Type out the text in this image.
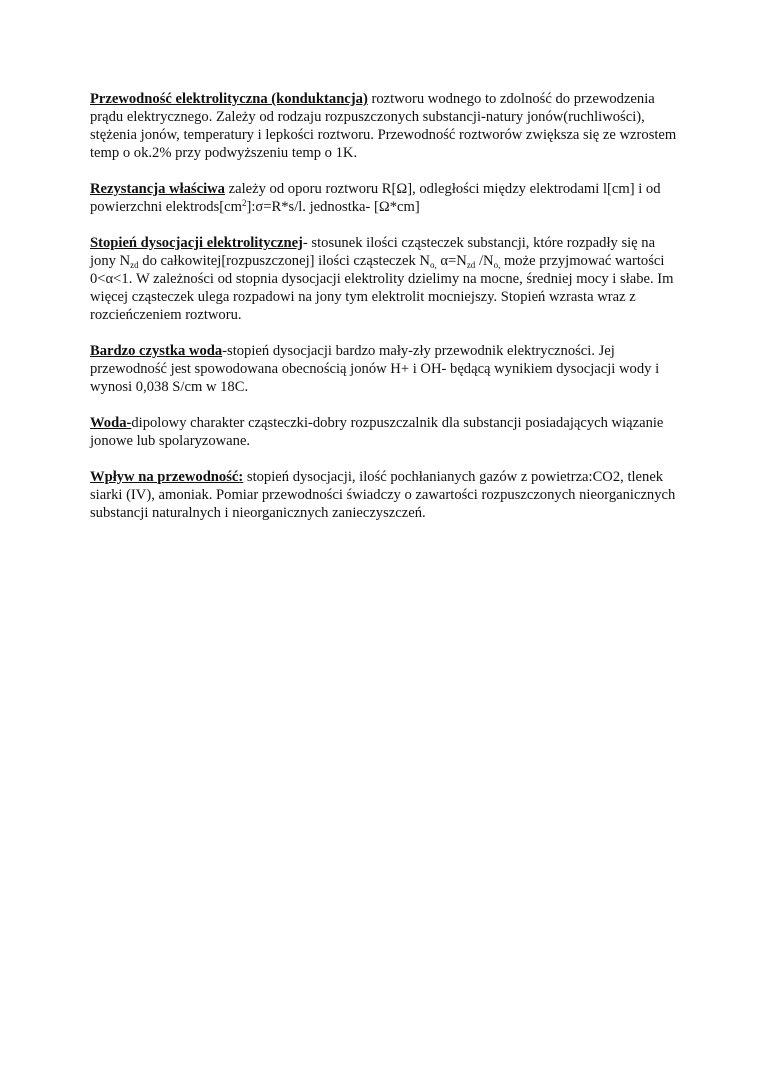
Przewodność elektrolityczna (konduktancja) roztworu wodnego to zdolność do przewodzenia prądu elektrycznego. Zależy od rodzaju rozpuszczonych substancji-natury jonów(ruchliwości), stężenia jonów, temperatury i lepkości roztworu. Przewodność roztworów zwiększa się ze wzrostem temp o ok.2% przy podwyższeniu temp o 1K.

Rezystancja właściwa zależy od oporu roztworu R[Ω], odległości między elektrodami l[cm] i od powierzchni $elektrods[cm^2]:\sigma=R*s/l$. jednostka- [Ω*cm]

Stopień dysocjacji elektrolitycznej- stosunek ilości cząsteczek substancji, które rozpadły się na jony $N_{zd}$ do całkowitej[rozpuszczonej] ilości cząsteczek $N_{o,}$ $\alpha=N_{zd}$ $/N_{o,}$ może przyjmować wartości 0<α<1. W zależności od stopnia dysocjacji elektrolity dzielimy na mocne, średniej mocy i słabe. Im więcej cząsteczek ulega rozpadowi na jony tym elektrolit mocniejszy. Stopień wzrasta wraz z rozcieńczeniem roztworu.

Bardzo czystka woda-stopień dysocjacji bardzo mały-zły przewodnik elektryczności. Jej przewodność jest spowodowana obecnością jonów H+ i OH- będącą wynikiem dysocjacji wody i wynosi 0,038 S/cm w 18C.

Woda-dipolowy charakter cząsteczki-dobry rozpuszczalnik dla substancji posiadających wiązanie jonowe lub spolaryzowane.

Wpływ na przewodność: stopień dysocjacji, ilość pochłanianych gazów z powietrza:CO2, tlenek siarki (IV), amoniak. Pomiar przewodności świadczy o zawartości rozpuszczonych nieorganicznych substancji naturalnych i nieorganicznych zanieczyszczeń.
